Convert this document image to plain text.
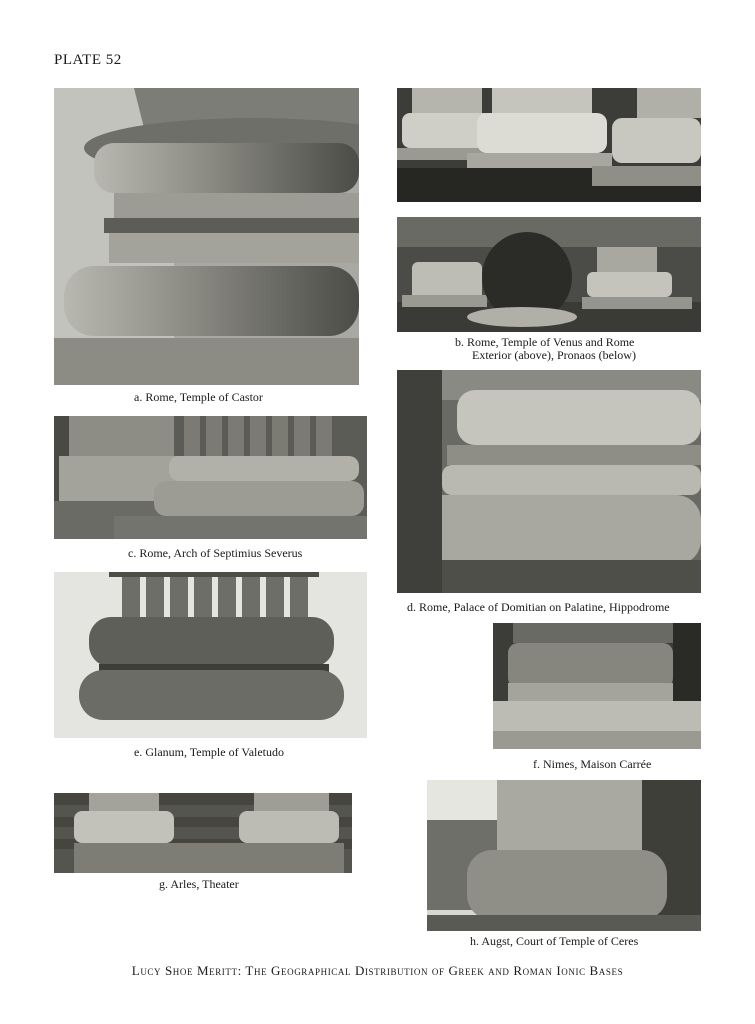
PLATE 52
a. Rome, Temple of Castor
b. Rome, Temple of Venus and Rome
Exterior (above), Pronaos (below)
c. Rome, Arch of Septimius Severus
d. Rome, Palace of Domitian on Palatine, Hippodrome
e. Glanum, Temple of Valetudo
f. Nimes, Maison Carrée
g. Arles, Theater
h. Augst, Court of Temple of Ceres
Lucy Shoe Meritt: The Geographical Distribution of Greek and Roman Ionic Bases
